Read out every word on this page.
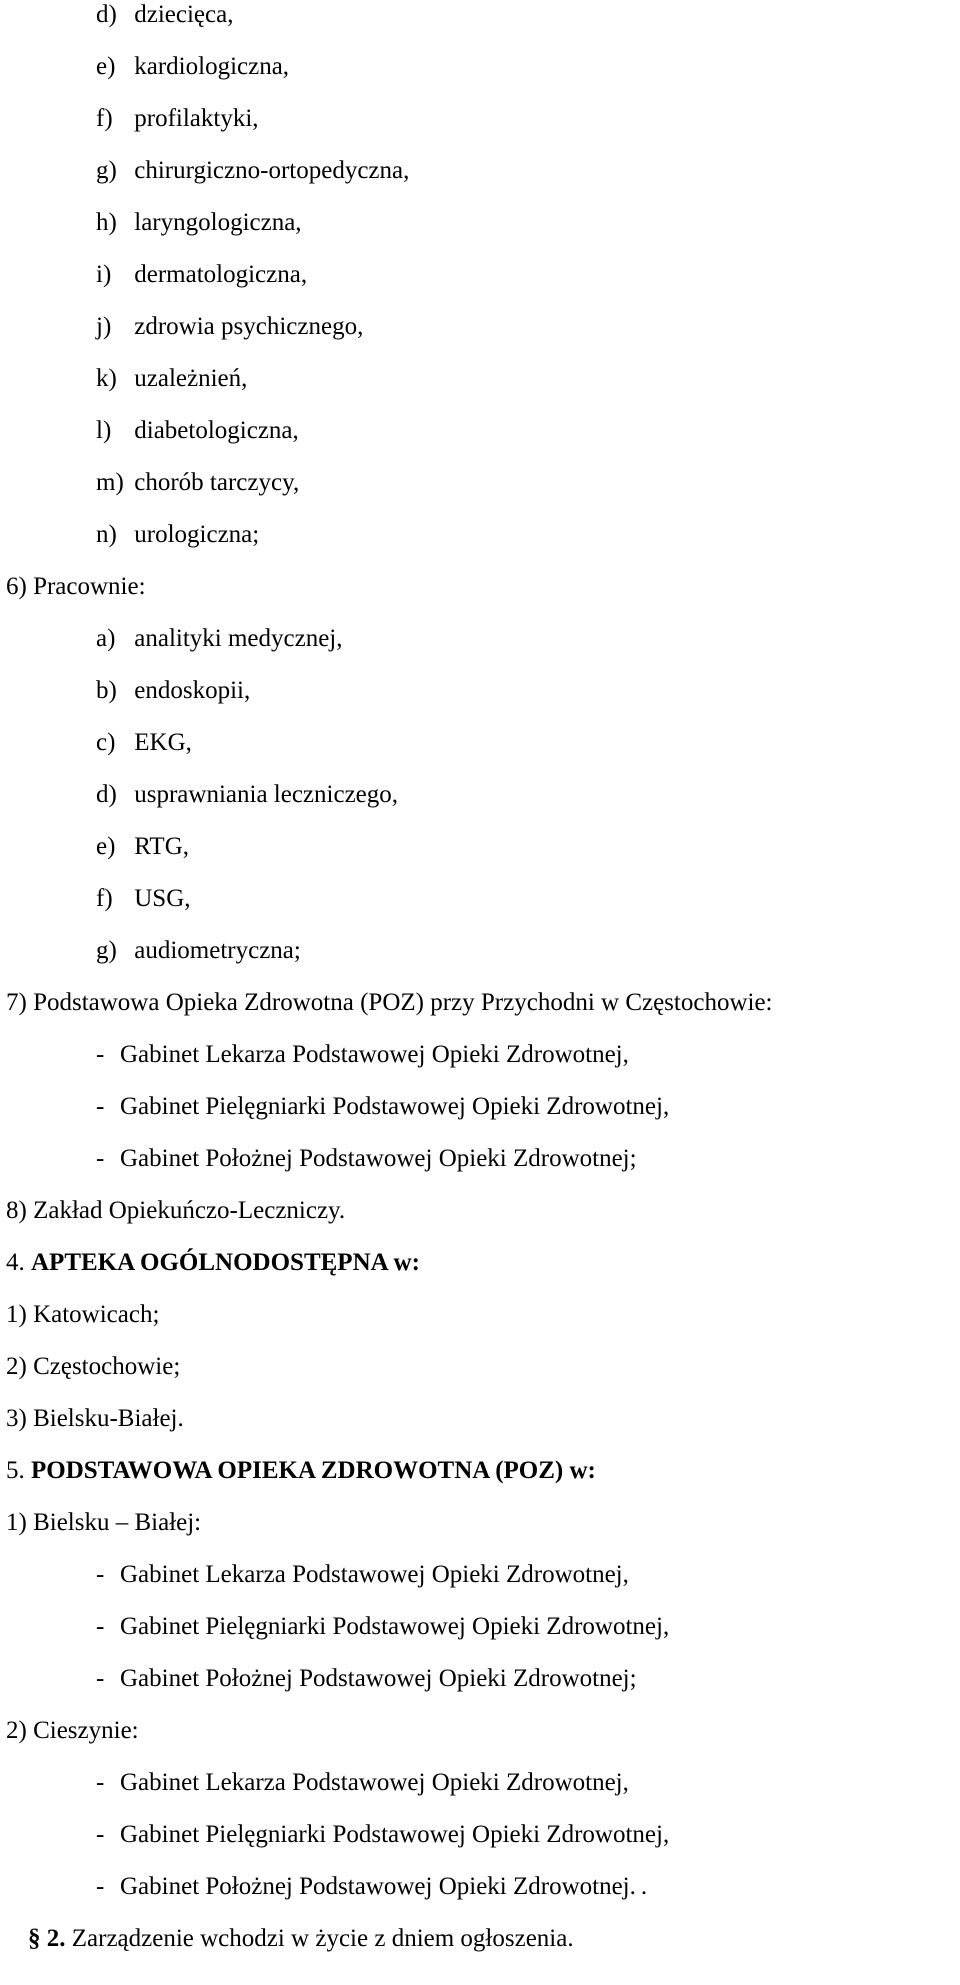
d) dziecięca,
e) kardiologiczna,
f) profilaktyki,
g) chirurgiczno-ortopedyczna,
h) laryngologiczna,
i) dermatologiczna,
j) zdrowia psychicznego,
k) uzależnień,
l) diabetologiczna,
m) chorób tarczycy,
n) urologiczna;
6) Pracownie:
a) analityki medycznej,
b) endoskopii,
c) EKG,
d) usprawniania leczniczego,
e) RTG,
f) USG,
g) audiometryczna;
7) Podstawowa Opieka Zdrowotna (POZ) przy Przychodni w Częstochowie:
- Gabinet Lekarza Podstawowej Opieki Zdrowotnej,
- Gabinet Pielęgniarki Podstawowej Opieki Zdrowotnej,
- Gabinet Położnej Podstawowej Opieki Zdrowotnej;
8) Zakład Opiekuńczo-Leczniczy.
4. APTEKA OGÓLNODOSTĘPNA w:
1) Katowicach;
2) Częstochowie;
3) Bielsku-Białej.
5. PODSTAWOWA OPIEKA ZDROWOTNA (POZ) w:
1) Bielsku – Białej:
- Gabinet Lekarza Podstawowej Opieki Zdrowotnej,
- Gabinet Pielęgniarki Podstawowej Opieki Zdrowotnej,
- Gabinet Położnej Podstawowej Opieki Zdrowotnej;
2) Cieszynie:
- Gabinet Lekarza Podstawowej Opieki Zdrowotnej,
- Gabinet Pielęgniarki Podstawowej Opieki Zdrowotnej,
- Gabinet Położnej Podstawowej Opieki Zdrowotnej. .
§ 2. Zarządzenie wchodzi w życie z dniem ogłoszenia.
